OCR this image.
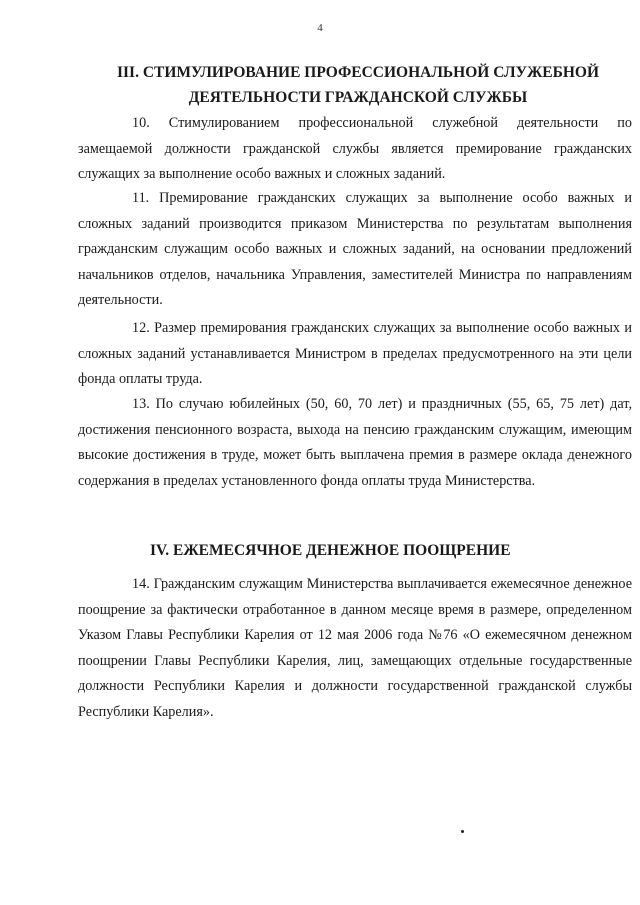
4
III. СТИМУЛИРОВАНИЕ ПРОФЕССИОНАЛЬНОЙ СЛУЖЕБНОЙ ДЕЯТЕЛЬНОСТИ ГРАЖДАНСКОЙ СЛУЖБЫ

10. Стимулированием профессиональной служебной деятельности по замещаемой должности гражданской службы является премирование гражданских служащих за выполнение особо важных и сложных заданий.

11. Премирование гражданских служащих за выполнение особо важных и сложных заданий производится приказом Министерства по результатам выполнения гражданским служащим особо важных и сложных заданий, на основании предложений начальников отделов, начальника Управления, заместителей Министра по направлениям деятельности.

12. Размер премирования гражданских служащих за выполнение особо важных и сложных заданий устанавливается Министром в пределах предусмотренного на эти цели фонда оплаты труда.

13. По случаю юбилейных (50, 60, 70 лет) и праздничных (55, 65, 75 лет) дат, достижения пенсионного возраста, выхода на пенсию гражданским служащим, имеющим высокие достижения в труде, может быть выплачена премия в размере оклада денежного содержания в пределах установленного фонда оплаты труда Министерства.

IV. ЕЖЕМЕСЯЧНОЕ ДЕНЕЖНОЕ ПООЩРЕНИЕ

14. Гражданским служащим Министерства выплачивается ежемесячное денежное поощрение за фактически отработанное в данном месяце время в размере, определенном Указом Главы Республики Карелия от 12 мая 2006 года №76 «О ежемесячном денежном поощрении Главы Республики Карелия, лиц, замещающих отдельные государственные должности Республики Карелия и должности государственной гражданской службы Республики Карелия».
